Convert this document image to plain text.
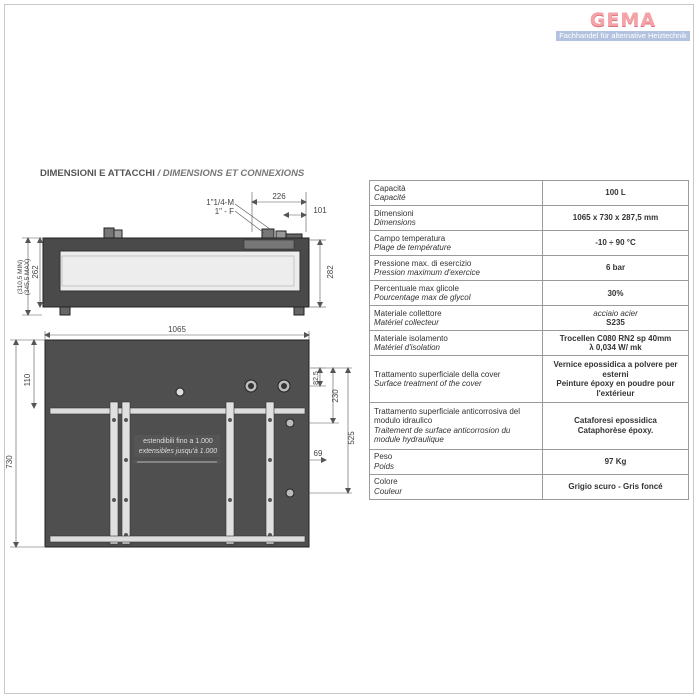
GEMA
Fachhandel für alternative Heiztechnik
DIMENSIONI E ATTACCHI / DIMENSIONS ET CONNEXIONS
226
101
1"1/4-M
1" - F
(310,5 MIN) (345,5 MAX) 262	282
1065
estendibili fino a 1.000
extensibles jusqu'à 1.000
110
730
82,5
230
525
69
Capacità
Capacité	100 L

Dimensioni
Dimensions	1065 x 730 x 287,5 mm

Campo temperatura
Plage de température	-10 ÷ 90 °C

Pressione max. di esercizio
Pression maximum d'exercice	6 bar

Percentuale max glicole
Pourcentage max de glycol	30%

Materiale collettore
Matériel collecteur	acciaio acier
S235

Materiale isolamento
Matériel d'isolation	Trocellen C080 RN2 sp 40mm
λ 0,034 W/ mk

Trattamento superficiale della cover
Surface treatment of the cover	Vernice epossidica a polvere per esterni
Peinture époxy en poudre pour
l'extérieur

Trattamento superficiale anticorrosiva del modulo idraulico
Traitement de surface anticorrosion du module hydraulique	Cataforesi epossidica
Cataphorèse époxy.

Peso
Poids	97 Kg

Colore
Couleur	Grigio scuro - Gris foncé
